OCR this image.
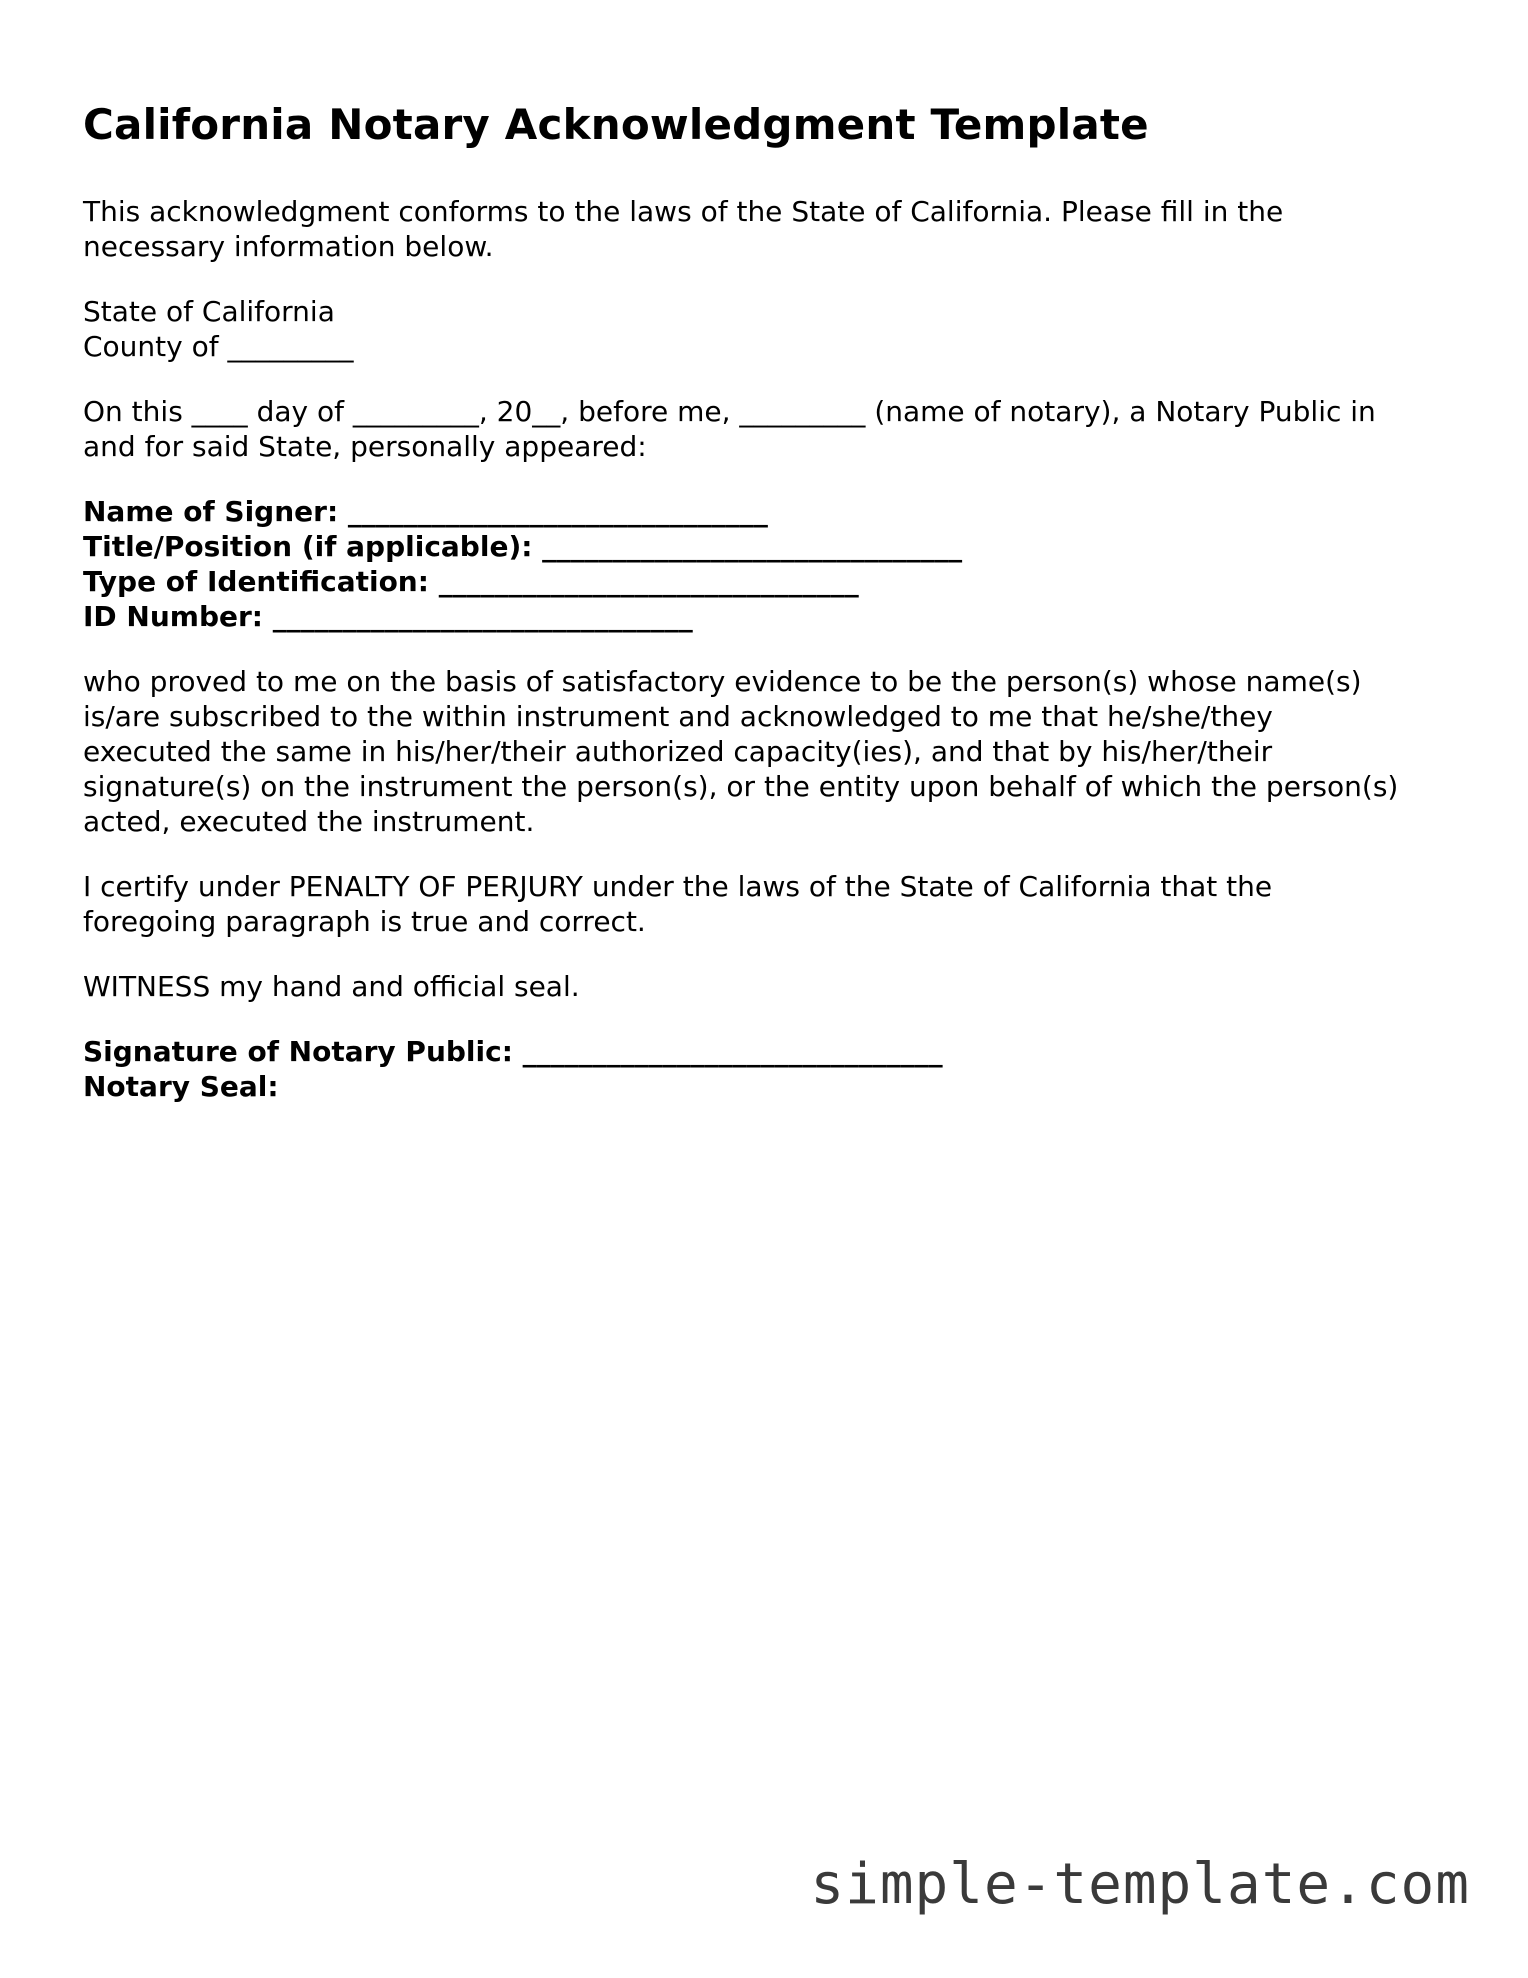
California Notary Acknowledgment Template

This acknowledgment conforms to the laws of the State of California. Please fill in the necessary information below.

State of California
County of _________

On this ____ day of _________, 20__, before me, _________ (name of notary), a Notary Public in and for said State, personally appeared:

Name of Signer: ______________________________
Title/Position (if applicable): ______________________________
Type of Identification: ______________________________
ID Number: ______________________________

who proved to me on the basis of satisfactory evidence to be the person(s) whose name(s) is/are subscribed to the within instrument and acknowledged to me that he/she/they executed the same in his/her/their authorized capacity(ies), and that by his/her/their signature(s) on the instrument the person(s), or the entity upon behalf of which the person(s) acted, executed the instrument.

I certify under PENALTY OF PERJURY under the laws of the State of California that the foregoing paragraph is true and correct.

WITNESS my hand and official seal.

Signature of Notary Public: ______________________________
Notary Seal:

simple-template.com
